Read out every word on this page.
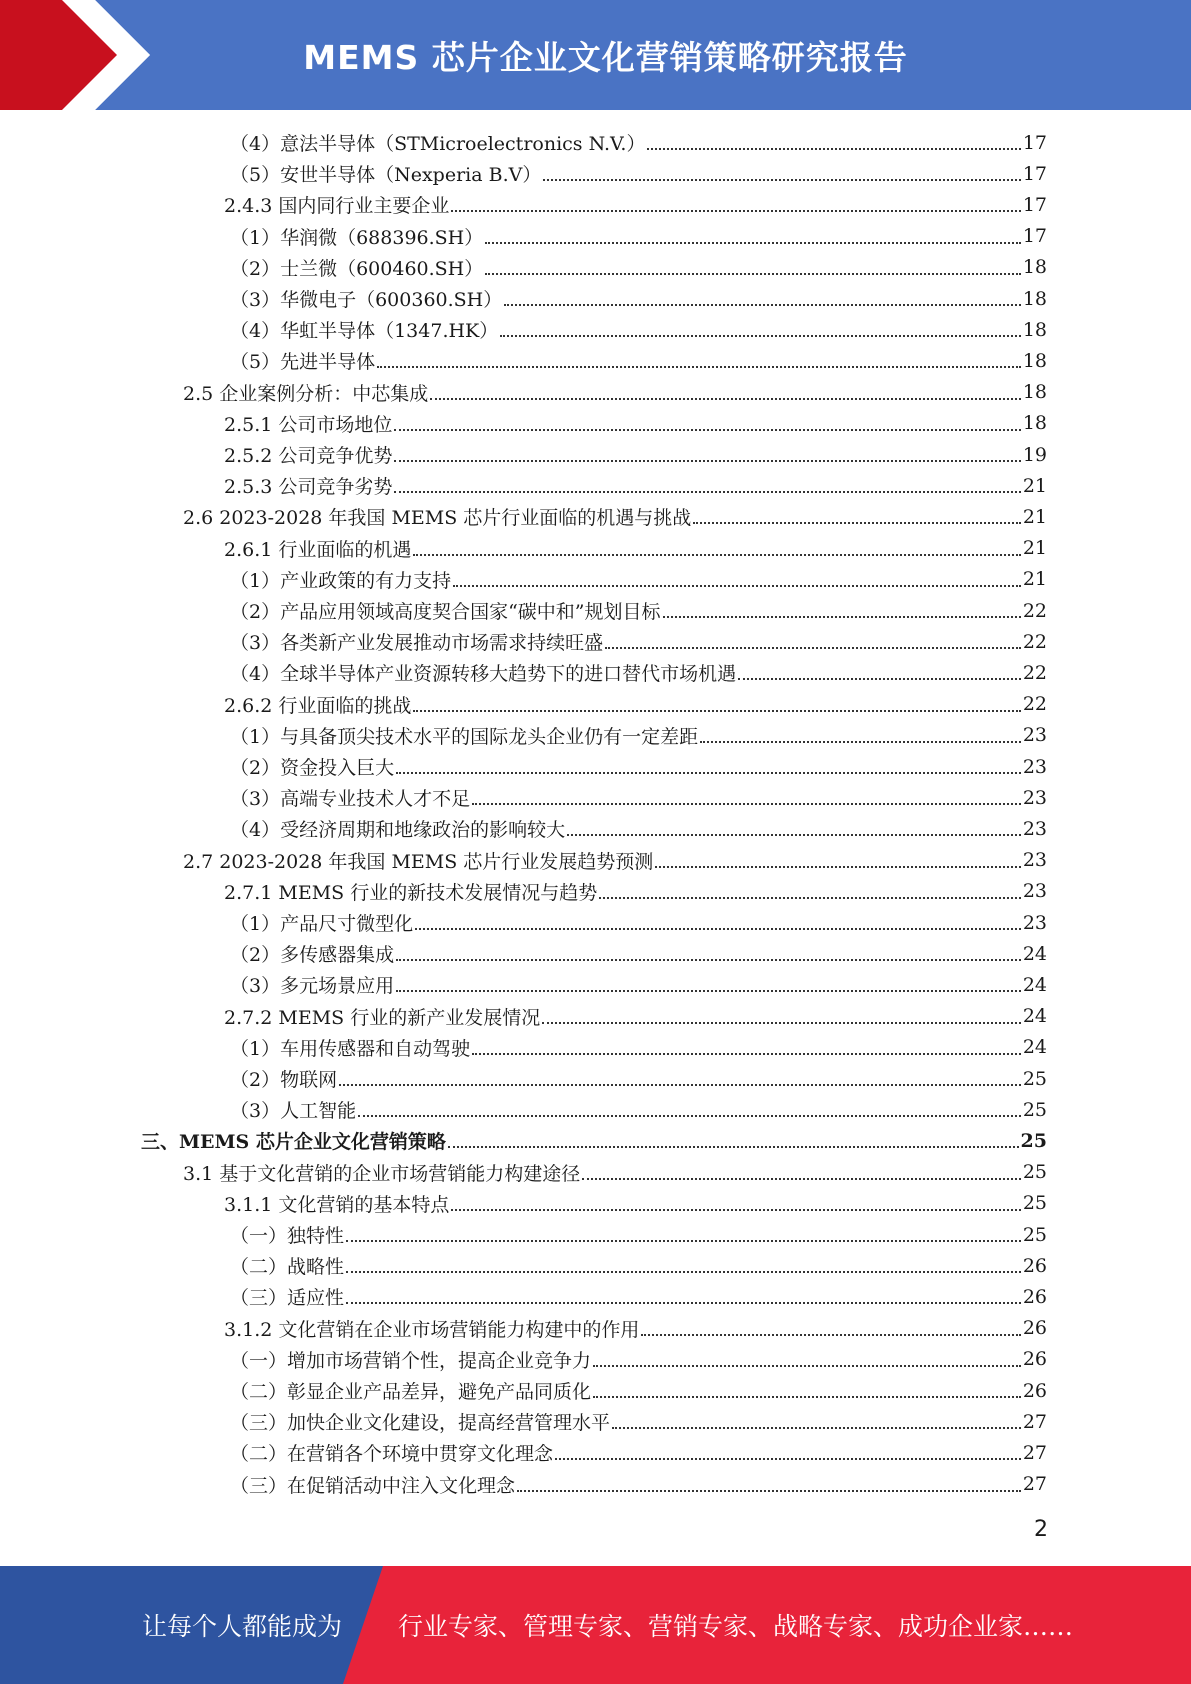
MEMS 芯片企业文化营销策略研究报告
（4）意法半导体（STMicroelectronics N.V.）	17
（5）安世半导体（Nexperia B.V）	17
2.4.3 国内同行业主要企业	17
（1）华润微（688396.SH）	17
（2）士兰微（600460.SH）	18
（3）华微电子（600360.SH）	18
（4）华虹半导体（1347.HK）	18
（5）先进半导体	18
2.5 企业案例分析：中芯集成	18
2.5.1 公司市场地位	18
2.5.2 公司竞争优势	19
2.5.3 公司竞争劣势	21
2.6 2023-2028 年我国 MEMS 芯片行业面临的机遇与挑战	21
2.6.1 行业面临的机遇	21
（1）产业政策的有力支持	21
（2）产品应用领域高度契合国家“碳中和”规划目标	22
（3）各类新产业发展推动市场需求持续旺盛	22
（4）全球半导体产业资源转移大趋势下的进口替代市场机遇	22
2.6.2 行业面临的挑战	22
（1）与具备顶尖技术水平的国际龙头企业仍有一定差距	23
（2）资金投入巨大	23
（3）高端专业技术人才不足	23
（4）受经济周期和地缘政治的影响较大	23
2.7 2023-2028 年我国 MEMS 芯片行业发展趋势预测	23
2.7.1 MEMS 行业的新技术发展情况与趋势	23
（1）产品尺寸微型化	23
（2）多传感器集成	24
（3）多元场景应用	24
2.7.2 MEMS 行业的新产业发展情况	24
（1）车用传感器和自动驾驶	24
（2）物联网	25
（3）人工智能	25
三、MEMS 芯片企业文化营销策略	25
3.1 基于文化营销的企业市场营销能力构建途径	25
3.1.1 文化营销的基本特点	25
（一）独特性	25
（二）战略性	26
（三）适应性	26
3.1.2 文化营销在企业市场营销能力构建中的作用	26
（一）增加市场营销个性，提高企业竞争力	26
（二）彰显企业产品差异，避免产品同质化	26
（三）加快企业文化建设，提高经营管理水平	27
（二）在营销各个环境中贯穿文化理念	27
（三）在促销活动中注入文化理念	27
2
让每个人都能成为 行业专家、管理专家、营销专家、战略专家、成功企业家……
